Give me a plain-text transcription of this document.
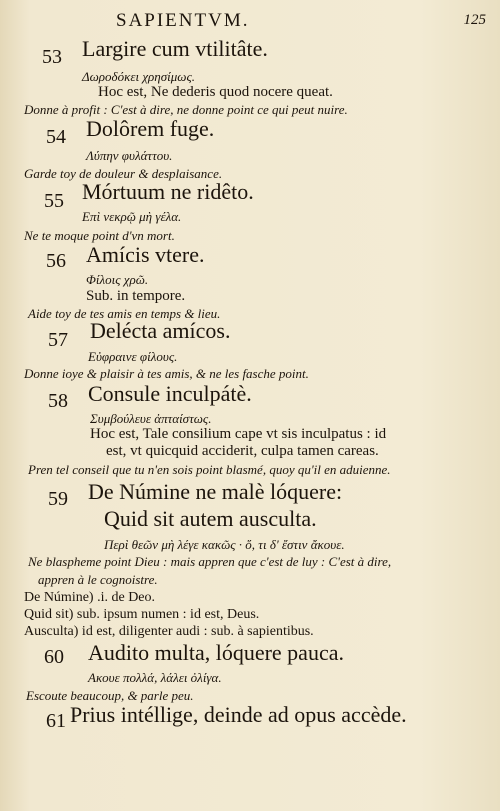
SAPIENTVM.	125
53 Largire cum vtilitâte.
Δωροδόκει χρησίμως.
Hoc est, Ne dederis quod nocere queat.
Donne à profit : C'est à dire, ne donne point ce qui peut nuire.
54 Dolôrem fuge.
Λύπην φυλάττου.
Garde toy de douleur & desplaisance.
55 Mórtuum ne ridêto.
Επὶ νεκρῷ μὴ γέλα.
Ne te moque point d'vn mort.
56 Amícis vtere.
Φίλοις χρῶ.
Sub. in tempore.
Aide toy de tes amis en temps & lieu.
57 Delécta amícos.
Εὐφραινε φίλους.
Donne ioye & plaisir à tes amis, & ne les fasche point.
58 Consule inculpátè.
Συμβούλευε ἀπταίστως.
Hoc est, Tale consilium cape vt sis inculpatus : id
est, vt quicquid acciderit, culpa tamen careas.
Pren tel conseil que tu n'en sois point blasmé, quoy qu'il en aduienne.
59 De Númine ne malè lóquere:
Quid sit autem ausculta.
Περὶ θεῶν μὴ λέγε κακῶς · ὅ, τι δ' ἔστιν ἄκουε.
Ne blaspheme point Dieu : mais appren que c'est de luy : C'est à dire,
appren à le cognoistre.
De Númine) .i. de Deo.
Quid sit) sub. ipsum numen : id est, Deus.
Ausculta) id est, diligenter audi : sub. à sapientibus.
60 Audito multa, lóquere pauca.
Ακουε πολλά, λάλει ὀλίγα.
Escoute beaucoup, & parle peu.
61 Prius intéllige, deinde ad opus accède.
